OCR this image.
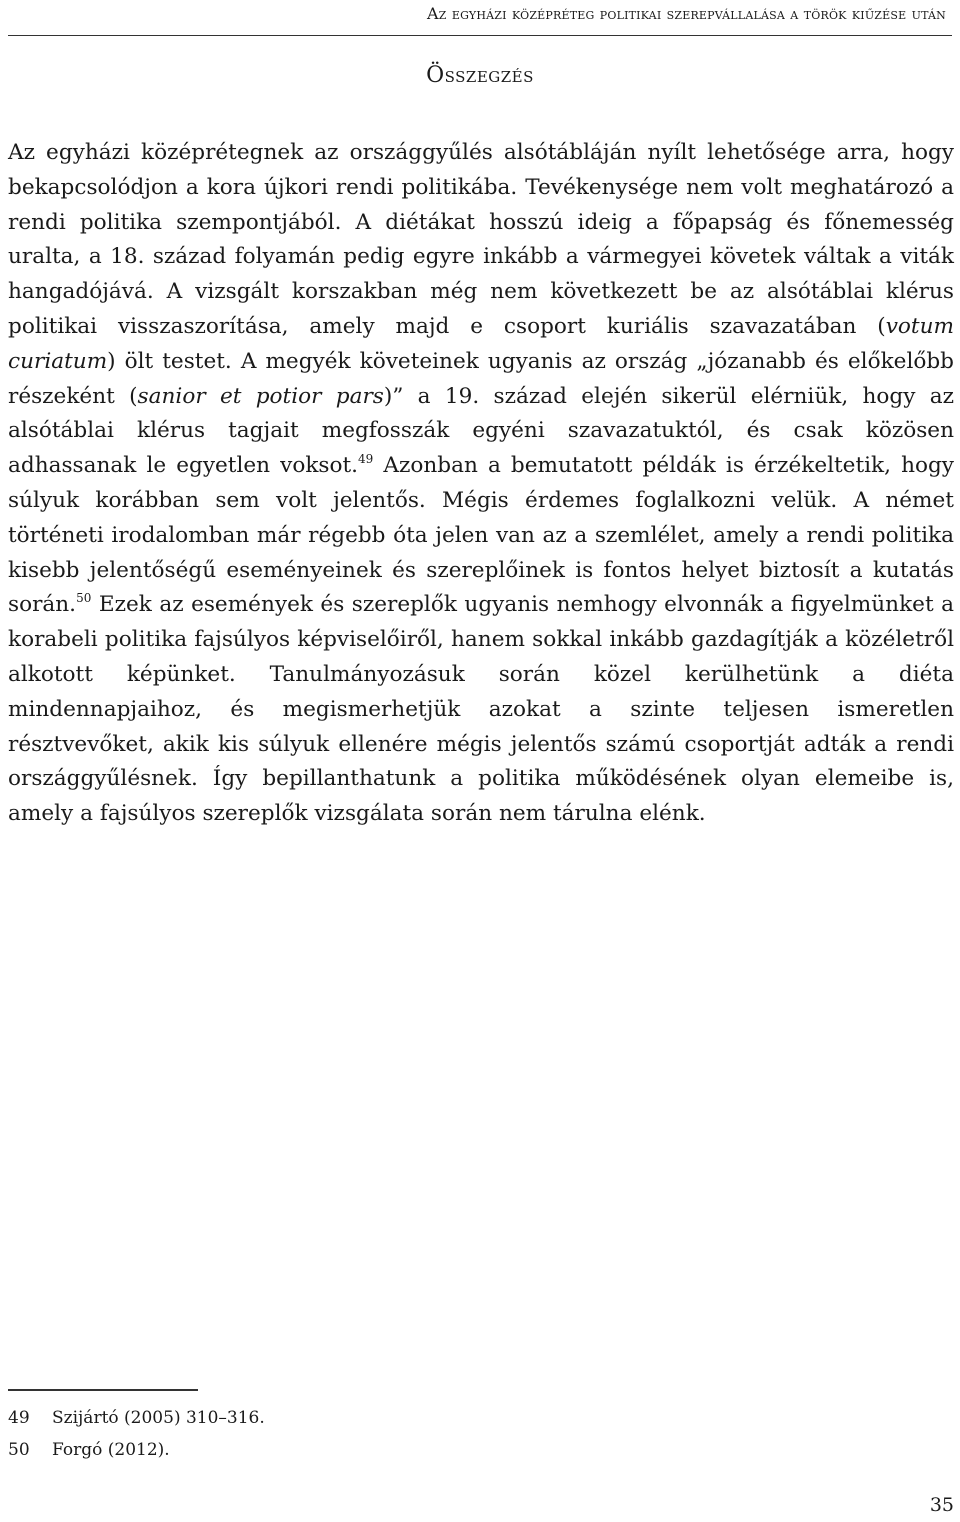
Az egyházi középréteg politikai szerepvállalása a török kiűzése után
Összegzés

Az egyházi középrétegnek az országgyűlés alsótábláján nyílt lehetősége arra, hogy bekapcsolódjon a kora újkori rendi politikába. Tevékenysége nem volt meghatározó a rendi politika szempontjából. A diétákat hosszú ideig a főpapság és főnemesség uralta, a 18. század folyamán pedig egyre inkább a vármegyei követek váltak a viták hangadójává. A vizsgált korszakban még nem következett be az alsótáblai klérus politikai visszaszorítása, amely majd e csoport kuriális szavazatában (votum curiatum) ölt testet. A megyék követeinek ugyanis az ország „józanabb és előkelőbb részeként (sanior et potior pars)” a 19. század elején sikerül elérniük, hogy az alsótáblai klérus tagjait megfosszák egyéni szavazatuktól, és csak közösen adhassanak le egyetlen voksot.$^{49}$ Azonban a bemutatott példák is érzékeltetik, hogy súlyuk korábban sem volt jelentős. Mégis érdemes foglalkozni velük. A német történeti irodalomban már régebb óta jelen van az a szemlélet, amely a rendi politika kisebb jelentőségű eseményeinek és szereplőinek is fontos helyet biztosít a kutatás során.$^{50}$ Ezek az események és szereplők ugyanis nemhogy elvonnák a figyelmünket a korabeli politika fajsúlyos képviselőiről, hanem sokkal inkább gazdagítják a közéletről alkotott képünket. Tanulmányozásuk során közel kerülhetünk a diéta mindennapjaihoz, és megismerhetjük azokat a szinte teljesen ismeretlen résztvevőket, akik kis súlyuk ellenére mégis jelentős számú csoportját adták a rendi országgyűlésnek. Így bepillanthatunk a politika működésének olyan elemeibe is, amely a fajsúlyos szereplők vizsgálata során nem tárulna elénk.

49	Szijártó (2005) 310–316.
50	Forgó (2012).
35
